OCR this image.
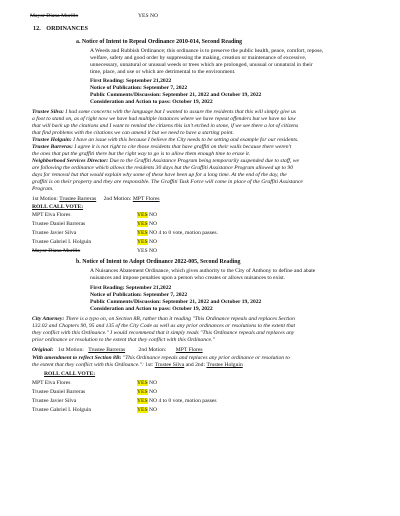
Mayor Diana Murillo	YES NO
12. ORDINANCES
a. Notice of Intent to Repeal Ordinance 2010-014, Second Reading
A Weeds and Rubbish Ordinance; this ordinance is to preserve the public health, peace, comfort, repose,
welfare, safety and good order by suppressing the making, creation or maintenance of excessive,
unnecessary, unnatural or unusual weeds or trees which are prolonged, unusual or unnatural in their
time, place, and use or which are detrimental to the environment.
First Reading: September 21,2022
Notice of Publication: September 7, 2022
Public Comments/Discussion: September 21, 2022 and October 19, 2022
Consideration and Action to pass: October 19, 2022
Trustee Silva: I had some concerns with the language but I wanted to assure the residents that this will simply give us
a foot to stand on, as of right now we have had multiple instances where we have repeat offenders but we have no law
that will back up the citations and I want to remind the citizens this isn't etched in stone, if we see there a lot of citizens
that find problems with the citations we can amend it but we need to have a starting point.
Trustee Holguin: I have an issue with this because I believe the City needs to be setting and example for our residents.
Trustee Barreras: I agree it is not right to cite those residents that have graffiti on their walls because there weren't
the ones that put the graffiti there but the right way to go is to allow them enough time to erase it.
Neighborhood Services Director: Due to the Graffiti Assistance Program being temporarily suspended due to staff, we
are following the ordinance which allows the residents 30 days but the Graffiti Assistance Program allowed up to 90
days for removal but that would explain why some of these have been up for a long time. At the end of the day, the
graffiti is on their property and they are responsible. The Graffiti Task Force will come in place of the Graffiti Assistance
Program.
1st Motion: Trustee Barreras 2nd Motion: MPT Flores
ROLL CALL VOTE:
MPT Elva Flores	YES NO
Trustee Daniel Barreras	YES NO
Trustee Javier Silva	YES NO 4 to 0 vote, motion passes.
Trustee Gabriel I. Holguin	YES NO
Mayor Diana Murillo	YES NO
b. Notice of Intent to Adopt Ordinance 2022-005, Second Reading
A Nuisances Abatement Ordinance, which gives authority to the City of Anthony to define and abate
nuisances and impose penalties upon a person who creates or allows nuisances to exist.
First Reading: September 21,2022
Notice of Publication: September 7, 2022
Public Comments/Discussion: September 21, 2022 and October 19, 2022
Consideration and Action to pass: October 19, 2022
City Attorney: There is a typo on, on Section 8B, rather than it reading "This Ordinance repeals and replaces Section
132.02 and Chapters 90, 95 and 135 of the City Code as well as any prior ordinances or resolutions to the extent that
they conflict with this Ordinance." I would recommend that it simply reads "This Ordinance repeals and replaces any
prior ordinance or resolution to the extent that they conflict with this Ordinance."
Original: 1st Motion: Trustee Barreras 2nd Motion: MPT Flores
With amendment to reflect Section 8B: "This Ordinance repeals and replaces any prior ordinance or resolution to
the extent that they conflict with this Ordinance.": 1st: Trustee Silva and 2nd: Trustee Holguin
ROLL CALL VOTE:
MPT Elva Flores	YES NO
Trustee Daniel Barreras	YES NO
Trustee Javier Silva	YES NO 4 to 0 vote, motion passes
Trustee Gabriel I. Holguin	YES NO
